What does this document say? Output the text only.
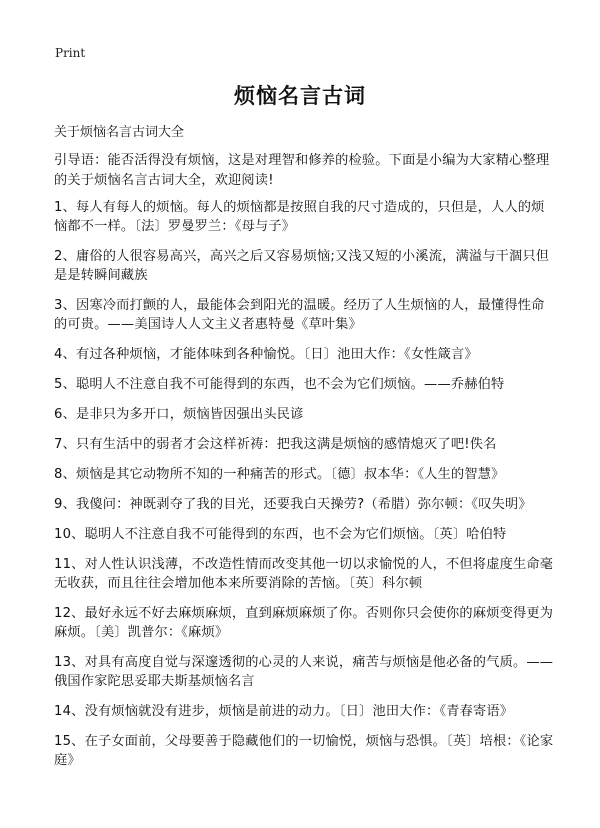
Print
烦恼名言古词
关于烦恼名言古词大全
引导语：能否活得没有烦恼，这是对理智和修养的检验。下面是小编为大家精心整理的关于烦恼名言古词大全，欢迎阅读!
1、每人有每人的烦恼。每人的烦恼都是按照自我的尺寸造成的，只但是，人人的烦恼都不一样。〔法〕罗曼罗兰：《母与子》
2、庸俗的人很容易高兴，高兴之后又容易烦恼;又浅又短的小溪流，满溢与干涸只但是是转瞬间藏族
3、因寒冷而打颤的人，最能体会到阳光的温暖。经历了人生烦恼的人，最懂得性命的可贵。——美国诗人人文主义者惠特曼《草叶集》
4、有过各种烦恼，才能体味到各种愉悦。〔日〕池田大作：《女性箴言》
5、聪明人不注意自我不可能得到的东西，也不会为它们烦恼。——乔赫伯特
6、是非只为多开口，烦恼皆因强出头民谚
7、只有生活中的弱者才会这样祈祷：把我这满是烦恼的感情熄灭了吧!佚名
8、烦恼是其它动物所不知的一种痛苦的形式。〔德〕叔本华：《人生的智慧》
9、我傻问：神既剥夺了我的目光，还要我白天操劳?（希腊）弥尔顿：《叹失明》
10、聪明人不注意自我不可能得到的东西，也不会为它们烦恼。〔英〕哈伯特
11、对人性认识浅薄，不改造性情而改变其他一切以求愉悦的人，不但将虚度生命毫无收获，而且往往会增加他本来所要消除的苦恼。〔英〕科尔顿
12、最好永远不好去麻烦麻烦，直到麻烦麻烦了你。否则你只会使你的麻烦变得更为麻烦。〔美〕凯普尔：《麻烦》
13、对具有高度自觉与深邃透彻的心灵的人来说，痛苦与烦恼是他必备的气质。——俄国作家陀思妥耶夫斯基烦恼名言
14、没有烦恼就没有进步，烦恼是前进的动力。〔日〕池田大作：《青春寄语》
15、在子女面前，父母要善于隐藏他们的一切愉悦，烦恼与恐惧。〔英〕培根：《论家庭》
